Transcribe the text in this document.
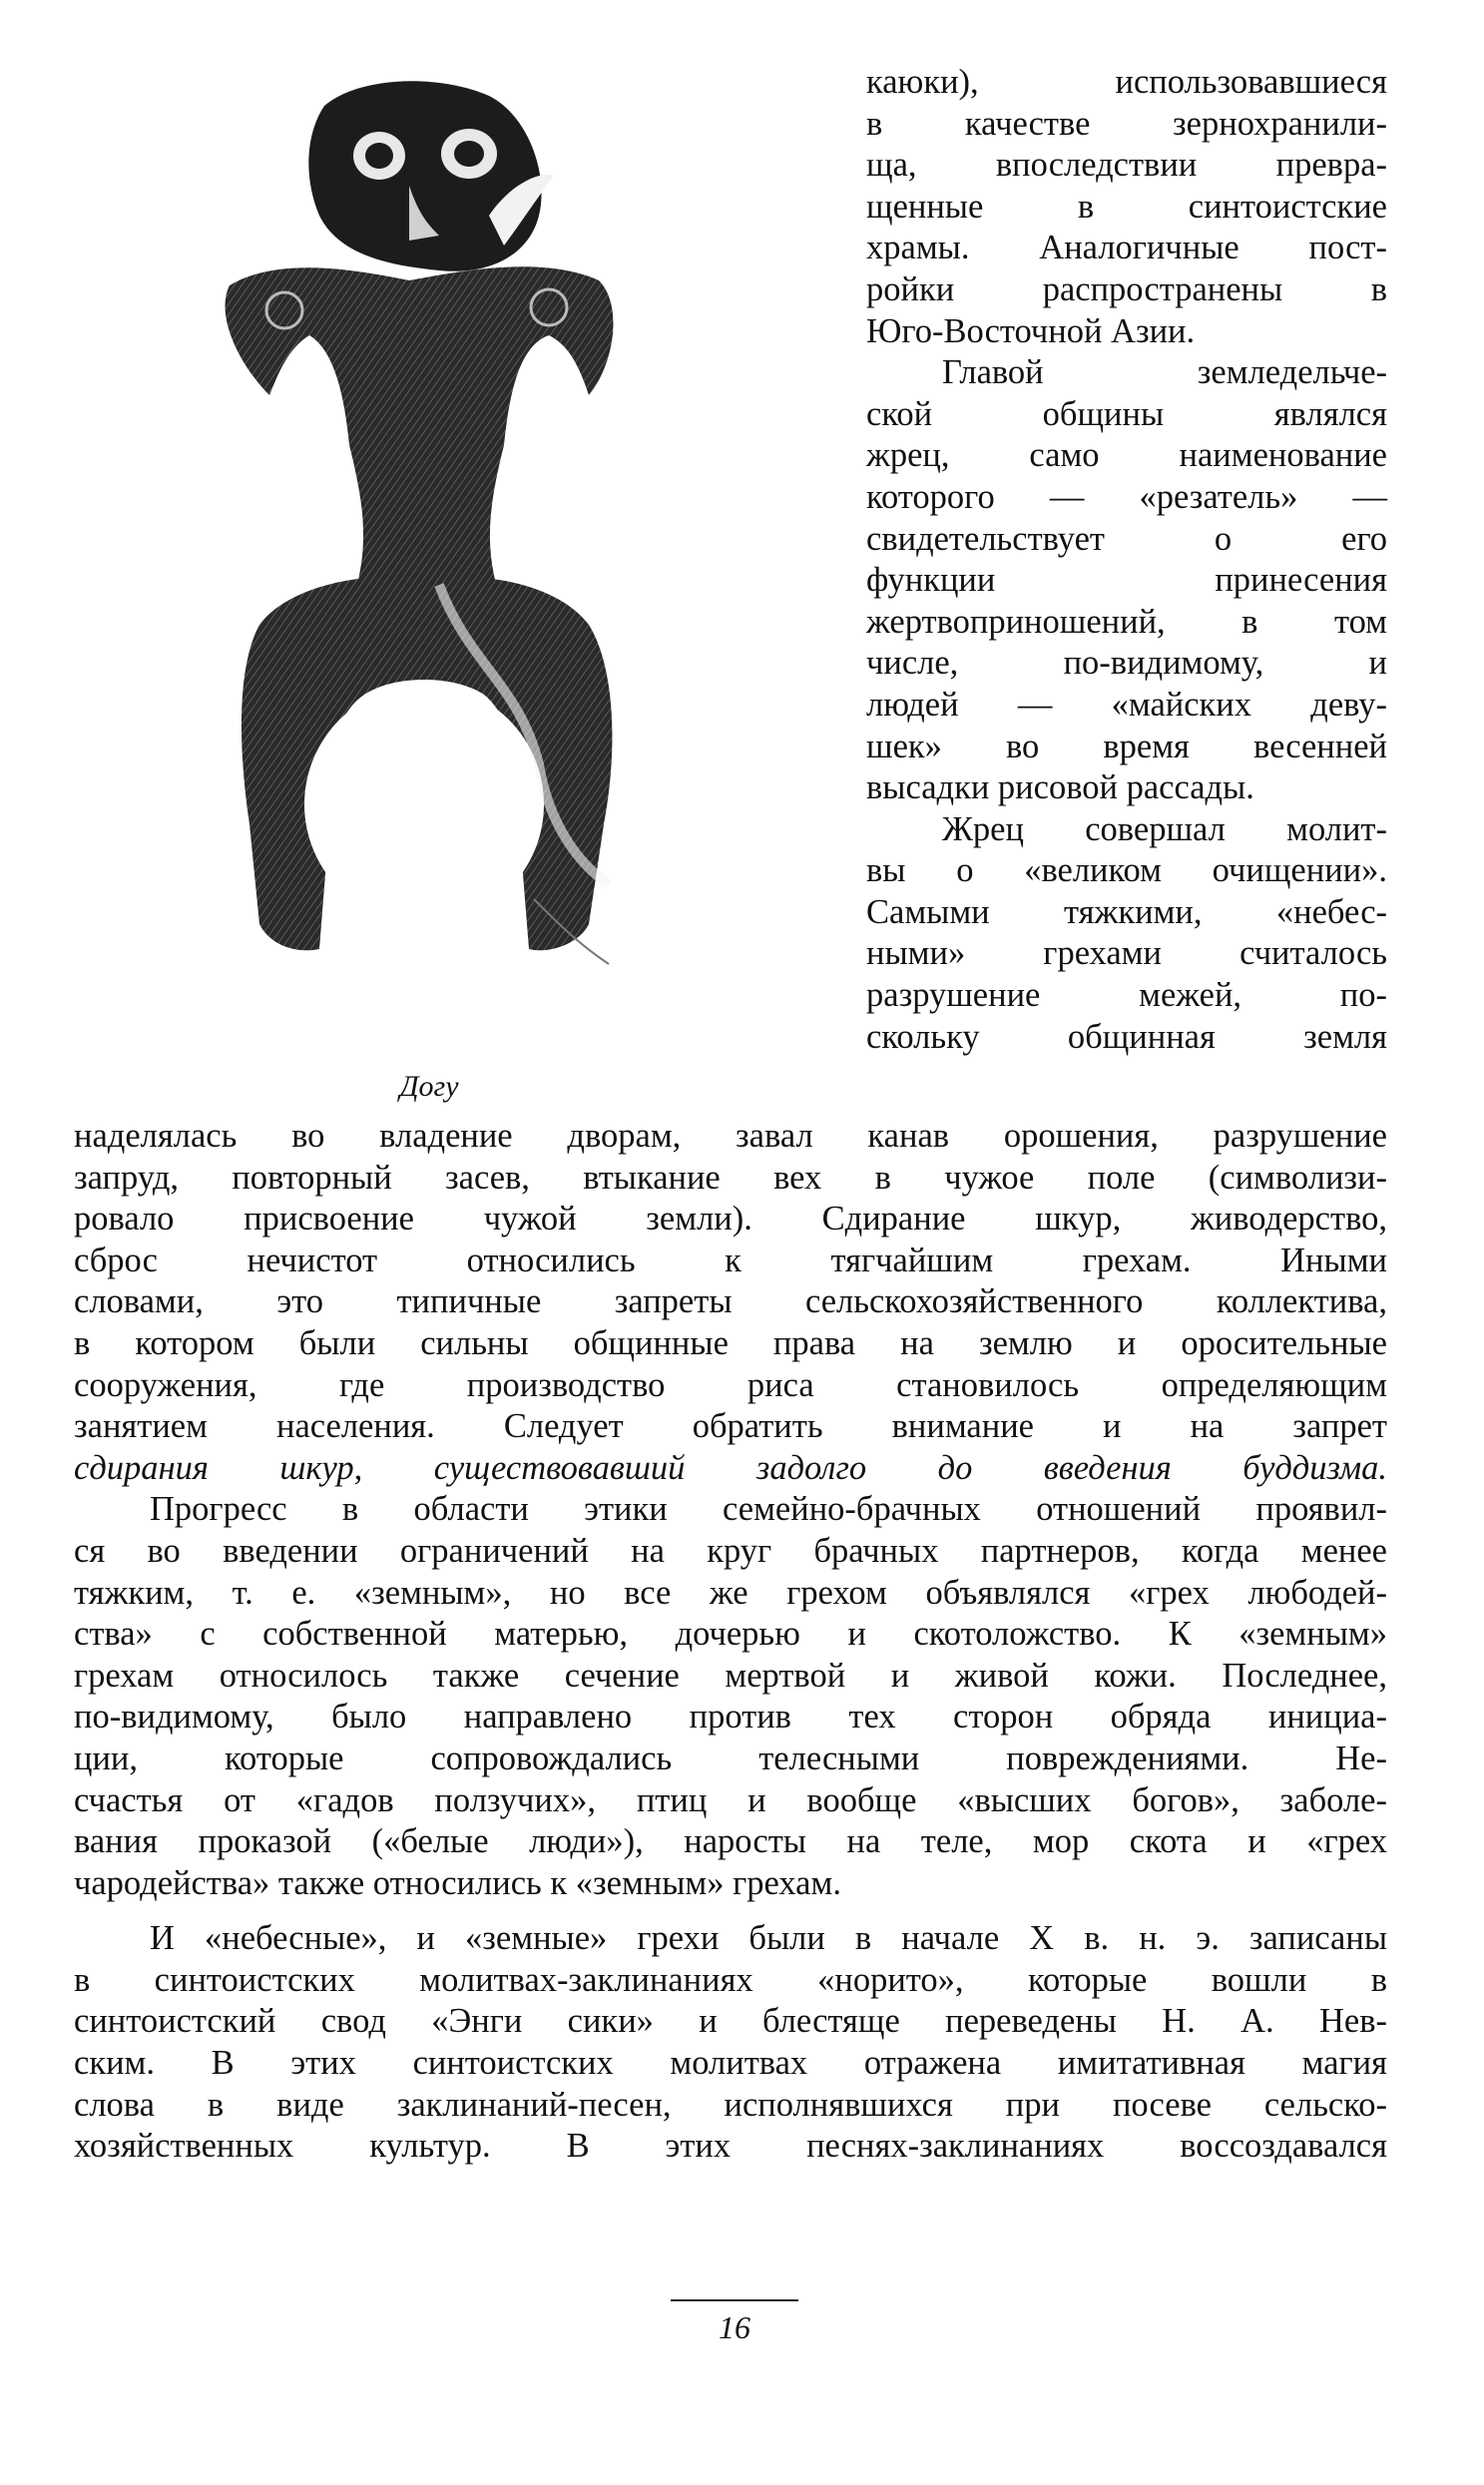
Догу
каюки), использовавшиеся
в качестве зернохранили-
ща, впоследствии превра-
щенные в синтоистские
храмы. Аналогичные пост-
ройки распространены в
Юго-Восточной Азии.
Главой земледельче-
ской общины являлся
жрец, само наименование
которого — «резатель» —
свидетельствует о его
функции принесения
жертвоприношений, в том
числе, по-видимому, и
людей — «майских деву-
шек» во время весенней
высадки рисовой рассады.
Жрец совершал молит-
вы о «великом очищении».
Самыми тяжкими, «небес-
ными» грехами считалось
разрушение межей, по-
скольку общинная земля
наделялась во владение дворам, завал канав орошения, разрушение
запруд, повторный засев, втыкание вех в чужое поле (символизи-
ровало присвоение чужой земли). Сдирание шкур, живодерство,
сброс нечистот относились к тягчайшим грехам. Иными
словами, это типичные запреты сельскохозяйственного коллектива,
в котором были сильны общинные права на землю и оросительные
сооружения, где производство риса становилось определяющим
занятием населения. Следует обратить внимание и на запрет
сдирания шкур, существовавший задолго до введения буддизма.
Прогресс в области этики семейно-брачных отношений проявил-
ся во введении ограничений на круг брачных партнеров, когда менее
тяжким, т. е. «земным», но все же грехом объявлялся «грех любодей-
ства» с собственной матерью, дочерью и скотоложство. К «земным»
грехам относилось также сечение мертвой и живой кожи. Последнее,
по-видимому, было направлено против тех сторон обряда инициа-
ции, которые сопровождались телесными повреждениями. Не-
счастья от «гадов ползучих», птиц и вообще «высших богов», заболе-
вания проказой («белые люди»), наросты на теле, мор скота и «грех
чародейства» также относились к «земным» грехам.
И «небесные», и «земные» грехи были в начале X в. н. э. записаны
в синтоистских молитвах-заклинаниях «норито», которые вошли в
синтоистский свод «Энги сики» и блестяще переведены Н. А. Нев-
ским. В этих синтоистских молитвах отражена имитативная магия
слова в виде заклинаний-песен, исполнявшихся при посеве сельско-
хозяйственных культур. В этих песнях-заклинаниях воссоздавался
16
